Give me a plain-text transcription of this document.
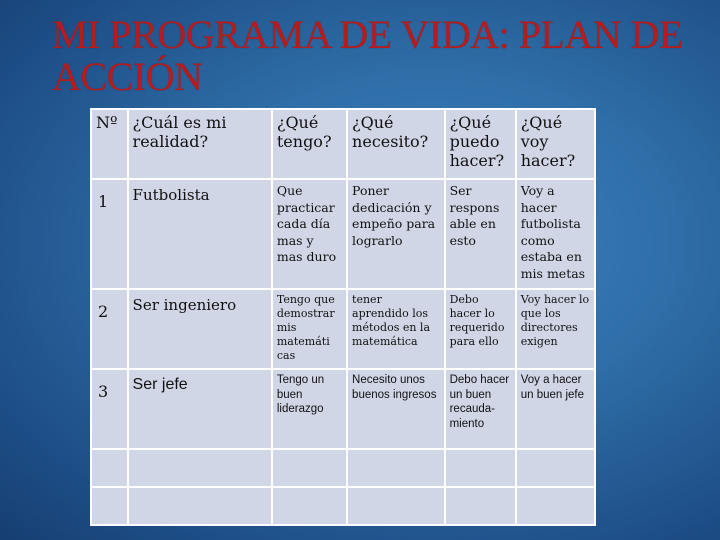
MI PROGRAMA DE VIDA: PLAN DE ACCIÓN
Nº	¿Cuál es mi realidad?	¿Qué tengo?	¿Qué necesito?	¿Qué puedo hacer?	¿Qué voy hacer?
1	Futbolista	Que practicar cada día mas y mas duro	Poner dedicación y empeño para lograrlo	Ser respons able en esto	Voy a hacer futbolista como estaba en mis metas
2	Ser ingeniero	Tengo que demostrar mis matemáti cas	tener aprendido los métodos en la matemática	Debo hacer lo requerido para ello	Voy hacer lo que los directores exigen
3	Ser jefe	Tengo un buen liderazgo	Necesito unos buenos ingresos	Debo hacer un buen recauda- miento	Voy a hacer un buen jefe
